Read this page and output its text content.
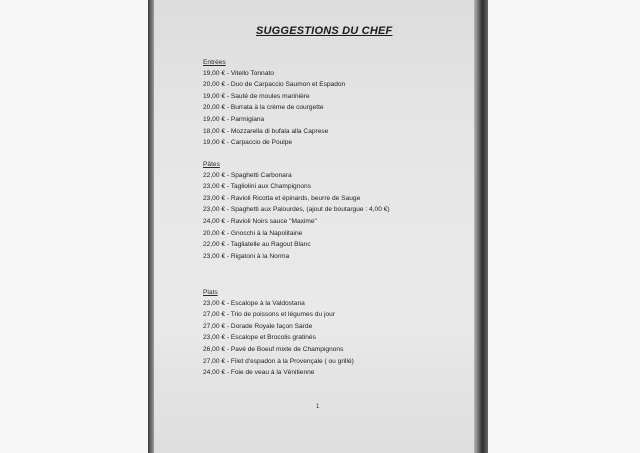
SUGGESTIONS DU CHEF
Entrées
19,00 € - Vitello Tonnato
20,00 € - Duo de Carpaccio Saumon et Espadon
19,00 € - Sauté de moules marinière
20,00 € - Burrata à la crème de courgette
19,00 € - Parmigiana
18,00 € - Mozzarella di bufala alla Caprese
19,00 € - Carpaccio de Poulpe
Pâtes
22,00 € - Spaghetti Carbonara
23,00 € - Tagliolini aux Champignons
23,00 € - Ravioli Ricotta et épinards, beurre de Sauge
23,00 € - Spaghetti aux Palourdes, (ajout de boutargue : 4,00 €)
24,00 € - Ravioli Noirs sauce "Maxime"
20,00 € - Gnocchi à la Napolitaine
22,00 € - Tagliatelle au Ragout Blanc
23,00 € - Rigatoni à la Norma
Plats
23,00 € - Escalope à la Valdostana
27,00 € - Trio de poissons et légumes du jour
27,00 € - Dorade Royale façon Sarde
23,00 € - Escalope et Brocolis gratinés
26,00 € - Pavé de Boeuf mixte de Champignons
27,00 € - Filet d'espadon à la Provençale ( ou grillé)
24,00 € - Foie de veau à la Vénitienne
1
